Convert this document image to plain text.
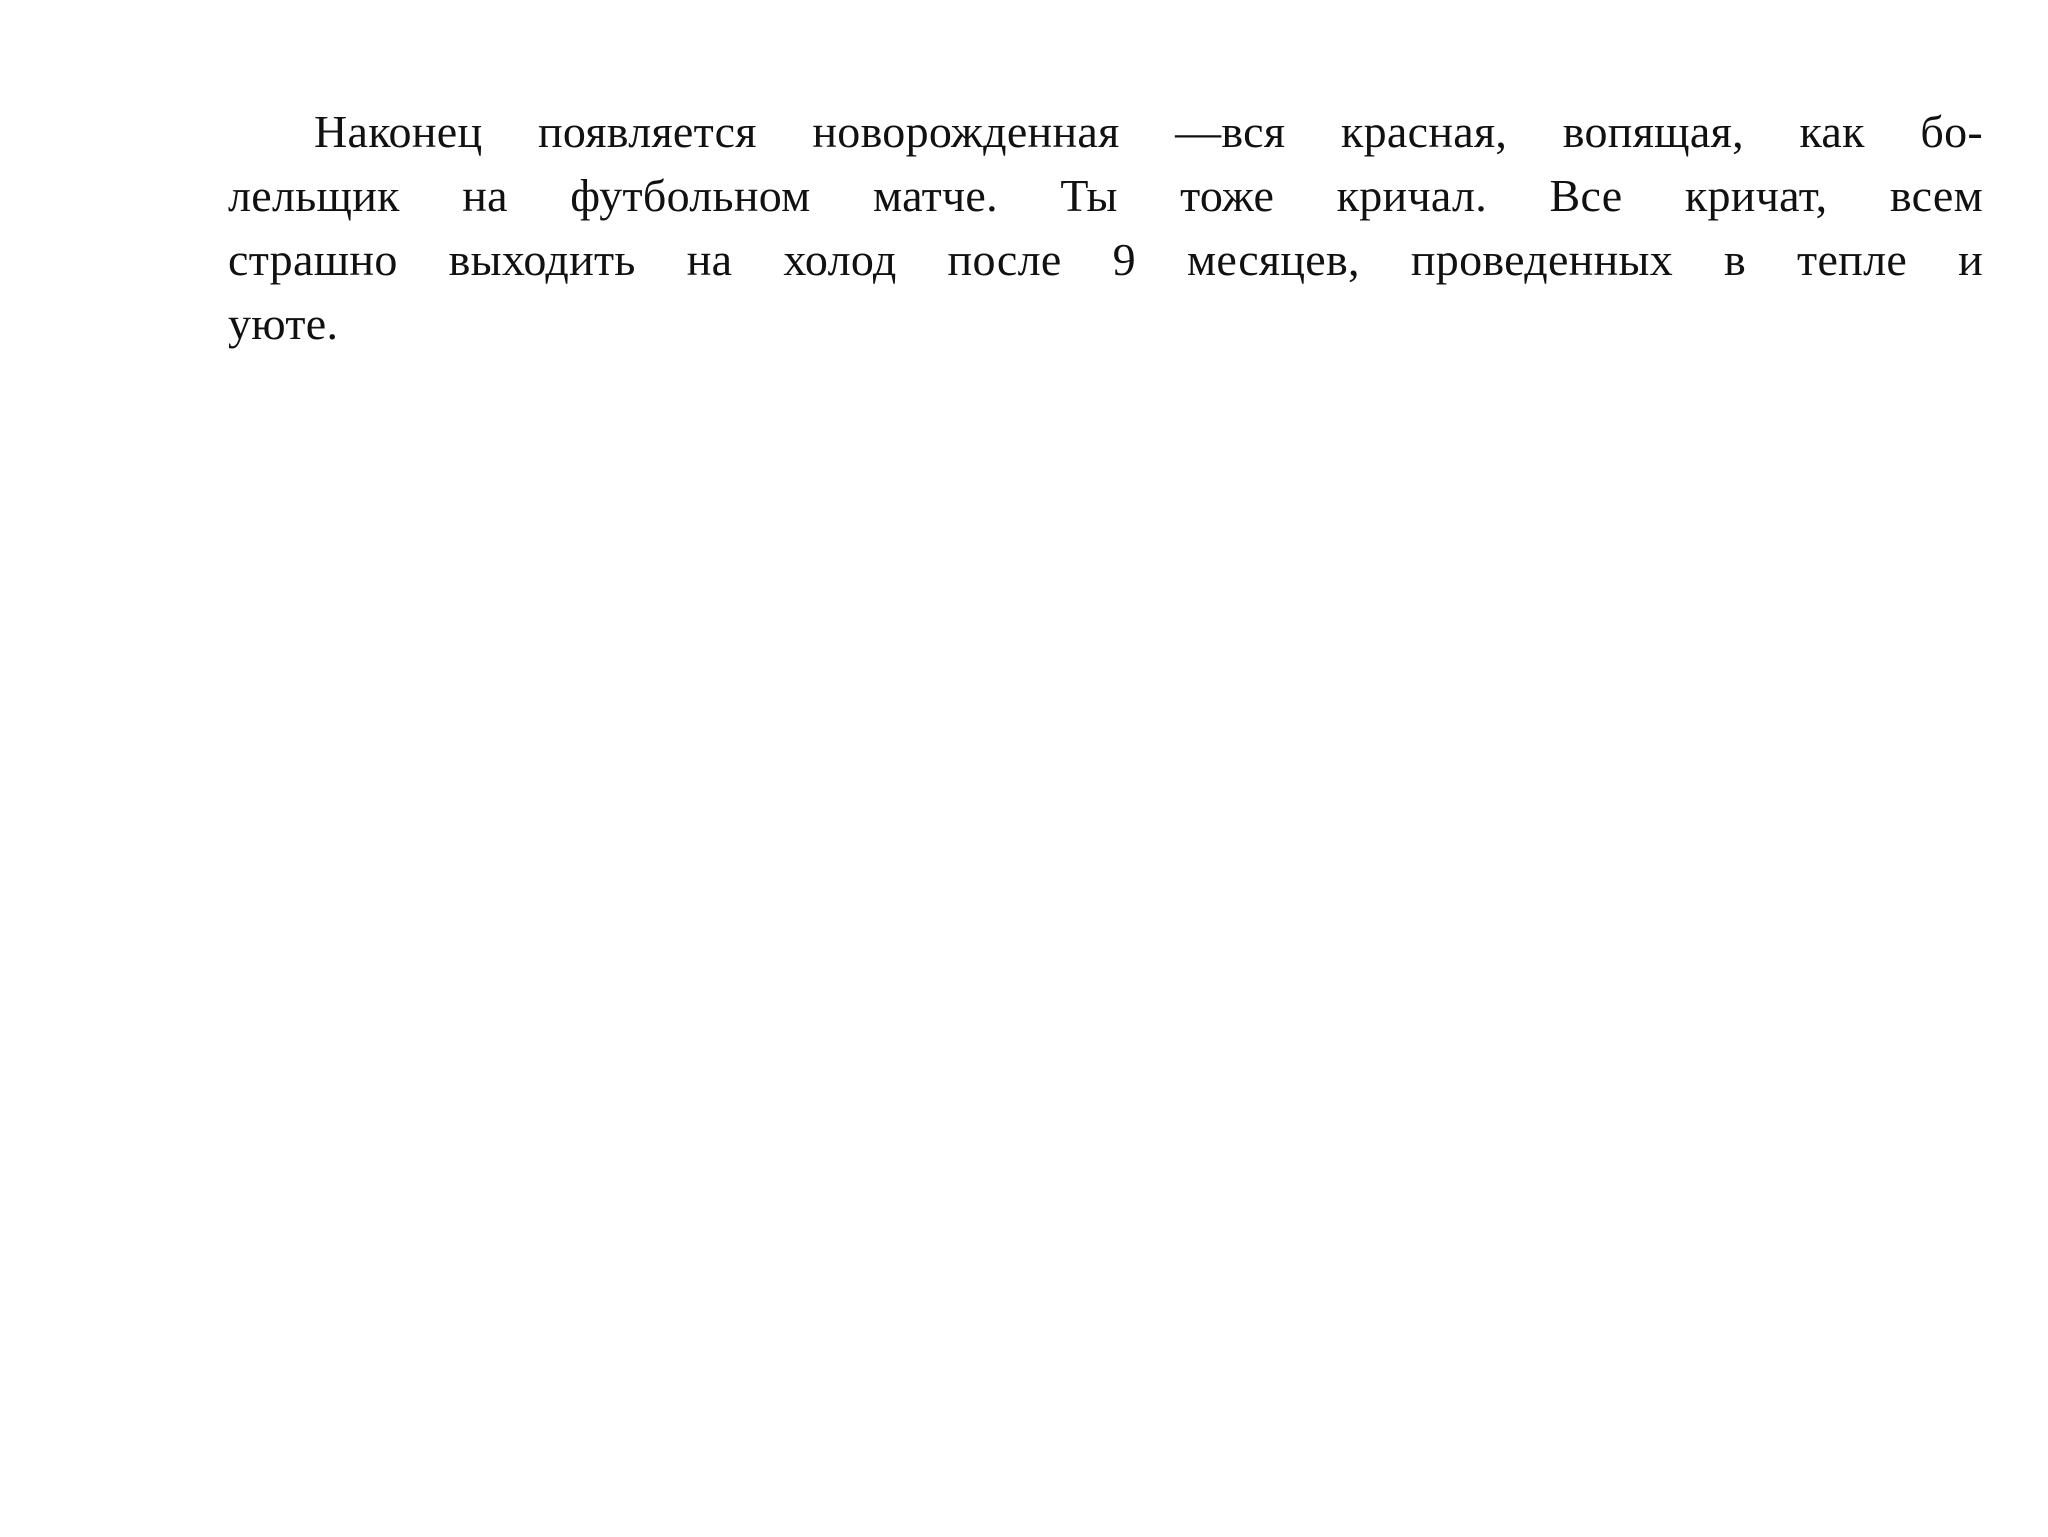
Наконец появляется новорожденная —вся красная, вопящая, как бо-
лельщик на футбольном матче. Ты тоже кричал. Все кричат, всем
страшно выходить на холод после 9 месяцев, проведенных в тепле и
уюте.
